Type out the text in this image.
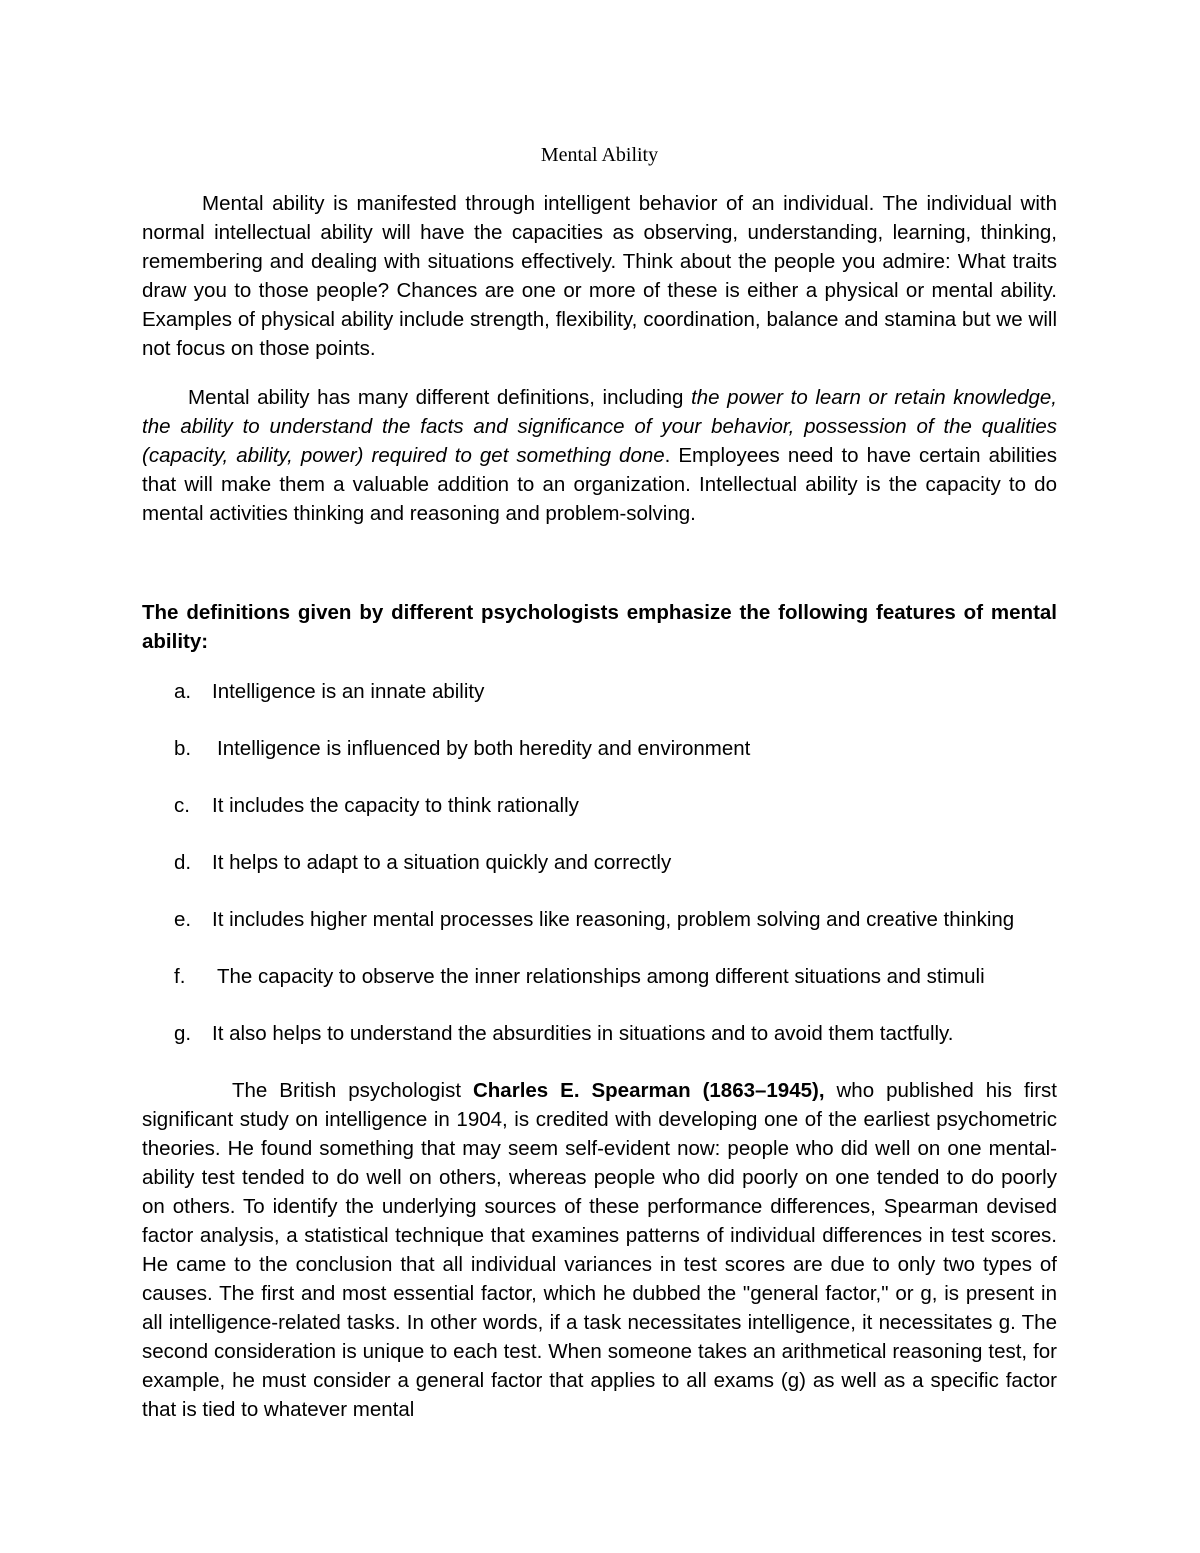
Mental Ability

Mental ability is manifested through intelligent behavior of an individual. The individual with normal intellectual ability will have the capacities as observing, understanding, learning, thinking, remembering and dealing with situations effectively. Think about the people you admire: What traits draw you to those people? Chances are one or more of these is either a physical or mental ability. Examples of physical ability include strength, flexibility, coordination, balance and stamina but we will not focus on those points.

Mental ability has many different definitions, including the power to learn or retain knowledge, the ability to understand the facts and significance of your behavior, possession of the qualities (capacity, ability, power) required to get something done. Employees need to have certain abilities that will make them a valuable addition to an organization. Intellectual ability is the capacity to do mental activities thinking and reasoning and problem-solving.

The definitions given by different psychologists emphasize the following features of mental ability:

a.	Intelligence is an innate ability
b.	Intelligence is influenced by both heredity and environment
c.	It includes the capacity to think rationally
d.	It helps to adapt to a situation quickly and correctly
e.	It includes higher mental processes like reasoning, problem solving and creative thinking
f.	The capacity to observe the inner relationships among different situations and stimuli
g.	It also helps to understand the absurdities in situations and to avoid them tactfully.

The British psychologist Charles E. Spearman (1863–1945), who published his first significant study on intelligence in 1904, is credited with developing one of the earliest psychometric theories. He found something that may seem self-evident now: people who did well on one mental-ability test tended to do well on others, whereas people who did poorly on one tended to do poorly on others. To identify the underlying sources of these performance differences, Spearman devised factor analysis, a statistical technique that examines patterns of individual differences in test scores. He came to the conclusion that all individual variances in test scores are due to only two types of causes. The first and most essential factor, which he dubbed the "general factor," or g, is present in all intelligence-related tasks. In other words, if a task necessitates intelligence, it necessitates g. The second consideration is unique to each test. When someone takes an arithmetical reasoning test, for example, he must consider a general factor that applies to all exams (g) as well as a specific factor that is tied to whatever mental
